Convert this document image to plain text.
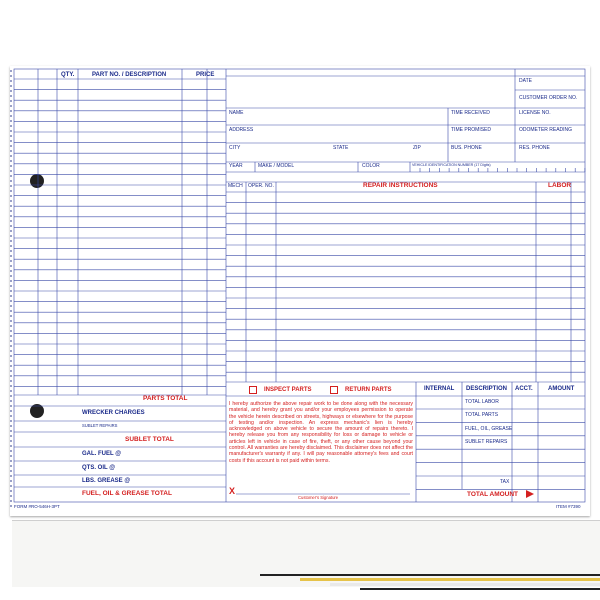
QTY.	PART NO. / DESCRIPTION	PRICE
PARTS TOTAL
WRECKER CHARGES
SUBLET REPAIRS
SUBLET TOTAL
GAL. FUEL @
QTS. OIL @
LBS. GREASE @
FUEL, OIL & GREASE TOTAL
DATE
CUSTOMER ORDER NO.
NAME	TIME RECEIVED	LICENSE NO.
ADDRESS	TIME PROMISED	ODOMETER READING
CITY	STATE	ZIP	BUS. PHONE	RES. PHONE
YEAR	MAKE / MODEL	COLOR	VEHICLE IDENTIFICATION NUMBER (17 Digits)
MECH OPER. NO.	REPAIR INSTRUCTIONS	LABOR
INSPECT PARTS	RETURN PARTS
I hereby authorize the above repair work to be done along with the necessary material, and hereby grant you and/or your employees permission to operate the vehicle herein described on streets, highways or elsewhere for the purpose of testing and/or inspection. An express mechanic's lien is hereby acknowledged on above vehicle to secure the amount of repairs thereto. I hereby release you from any responsibility for loss or damage to vehicle or articles left in vehicle in case of fire, theft, or any other cause beyond your control. All warranties are hereby disclaimed. This disclaimer does not affect the manufacturer's warranty if any. I will pay reasonable attorney's fees and court costs if this account is not paid within terms.
X
Customer's Signature
INTERNAL DESCRIPTION ACCT.	AMOUNT
TOTAL LABOR
TOTAL PARTS
FUEL, OIL, GREASE
SUBLET REPAIRS
TAX
TOTAL AMOUNT
FORM #RO-546H-3PT	ITEM #7390
